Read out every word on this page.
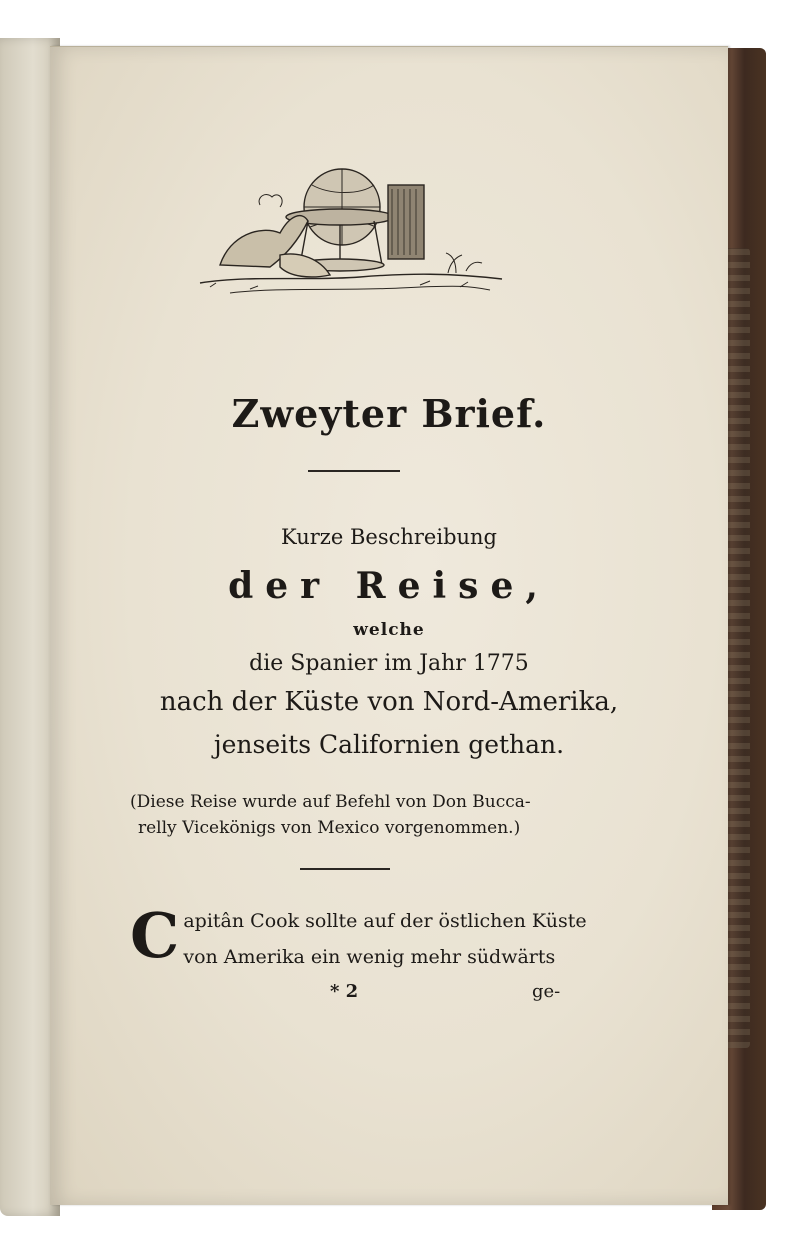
Zweyter Brief.
Kurze Beschreibung
der Reise,
welche
die Spanier im Jahr 1775
nach der Küste von Nord-Amerika,
jenseits Californien gethan.
(Diese Reise wurde auf Befehl von Don Bucca-
relly Vicekönigs von Mexico vorgenommen.)
C apitân Cook sollte auf der östlichen Küste
von Amerika ein wenig mehr südwärts
* 2	ge-
